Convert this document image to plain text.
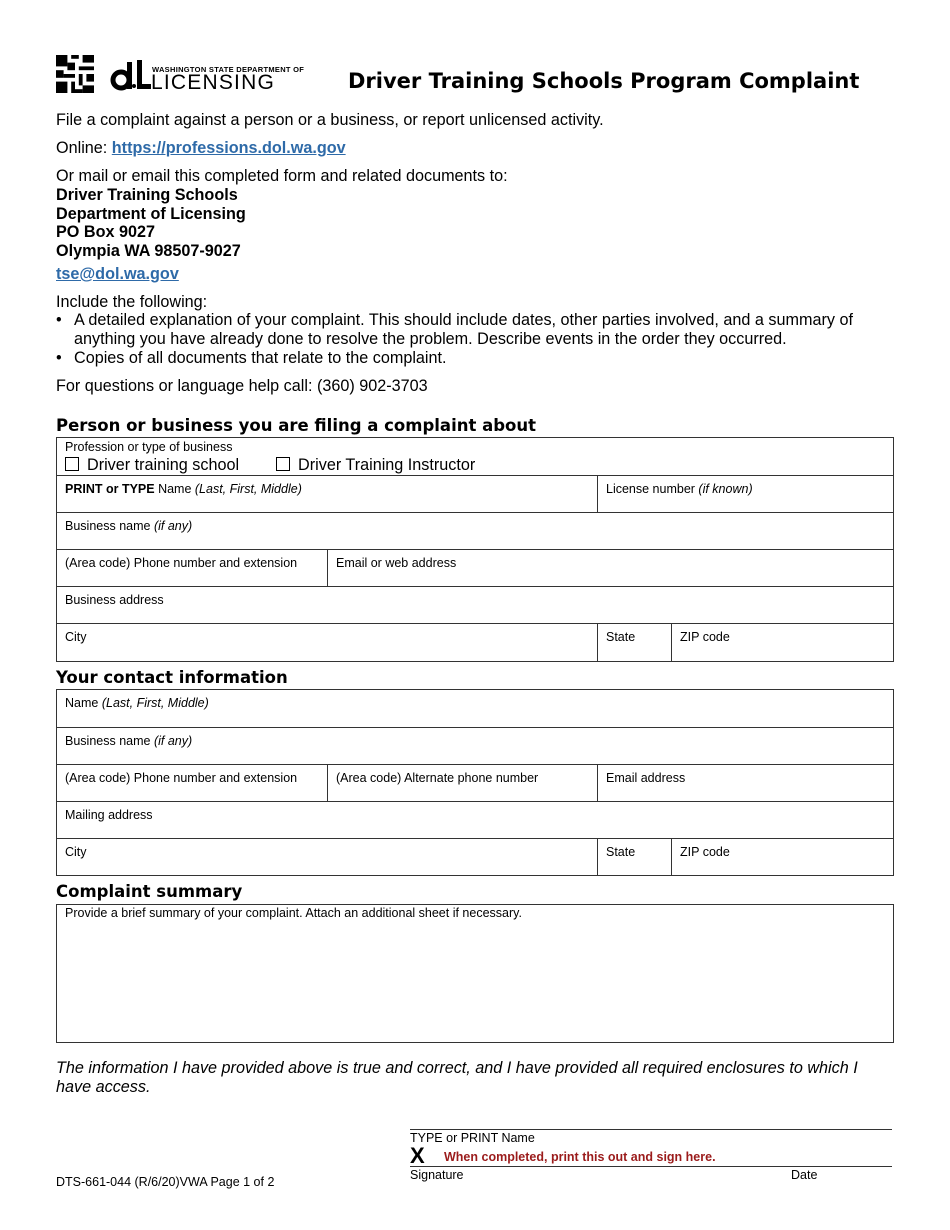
WASHINGTON STATE DEPARTMENT OF
LICENSING	Driver Training Schools Program Complaint
File a complaint against a person or a business, or report unlicensed activity.
Online: https://professions.dol.wa.gov
Or mail or email this completed form and related documents to:
Driver Training Schools
Department of Licensing
PO Box 9027
Olympia WA 98507-9027
tse@dol.wa.gov
Include the following:
• A detailed explanation of your complaint. This should include dates, other parties involved, and a summary of anything you have already done to resolve the problem. Describe events in the order they occurred.
• Copies of all documents that relate to the complaint.
For questions or language help call: (360) 902-3703
Person or business you are filing a complaint about
Profession or type of business
Driver training school	Driver Training Instructor
PRINT or TYPE Name (Last, First, Middle)	License number (if known)
Business name (if any)
(Area code) Phone number and extension	Email or web address
Business address
City	State	ZIP code
Your contact information
Name (Last, First, Middle)
Business name (if any)
(Area code) Phone number and extension	(Area code) Alternate phone number	Email address
Mailing address
City	State	ZIP code
Complaint summary
Provide a brief summary of your complaint. Attach an additional sheet if necessary.
The information I have provided above is true and correct, and I have provided all required enclosures to which I have access.
TYPE or PRINT Name
X When completed, print this out and sign here.
Signature	Date
DTS-661-044 (R/6/20)VWA Page 1 of 2
